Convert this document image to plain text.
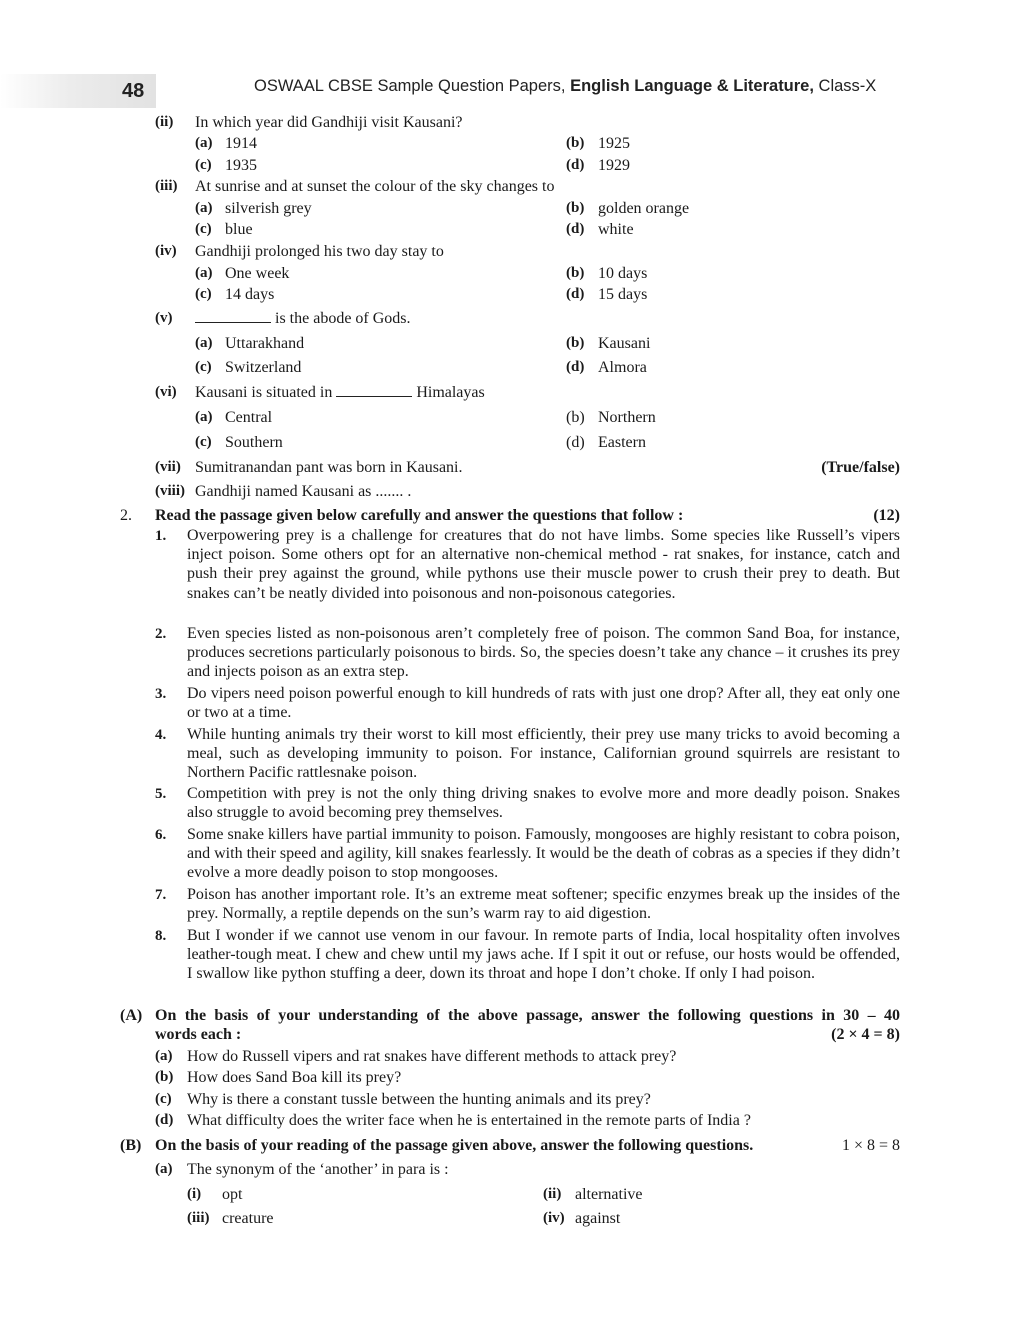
48	OSWAAL CBSE Sample Question Papers, English Language & Literature, Class-X
(ii) In which year did Gandhiji visit Kausani?
(a) 1914	(b) 1925
(c) 1935	(d) 1929
(iii) At sunrise and at sunset the colour of the sky changes to
(a) silverish grey	(b) golden orange
(c) blue	(d) white
(iv) Gandhiji prolonged his two day stay to
(a) One week	(b) 10 days
(c) 14 days	(d) 15 days
(v)	is the abode of Gods.
(a) Uttarakhand	(b) Kausani
(c) Switzerland	(d) Almora
(vi) Kausani is situated in	Himalayas
(a) Central	(b) Northern
(c) Southern	(d) Eastern
(vii) Sumitranandan pant was born in Kausani.	(True/false)
(viii) Gandhiji named Kausani as ....... .
2. Read the passage given below carefully and answer the questions that follow :	(12)
1. Overpowering prey is a challenge for creatures that do not have limbs. Some species like Russell’s vipers inject poison. Some others opt for an alternative non-chemical method - rat snakes, for instance, catch and push their prey against the ground, while pythons use their muscle power to crush their prey to death. But snakes can’t be neatly divided into poisonous and non-poisonous categories.
2. Even species listed as non-poisonous aren’t completely free of poison. The common Sand Boa, for instance, produces secretions particularly poisonous to birds. So, the species doesn’t take any chance – it crushes its prey and injects poison as an extra step.
3. Do vipers need poison powerful enough to kill hundreds of rats with just one drop? After all, they eat only one or two at a time.
4. While hunting animals try their worst to kill most efficiently, their prey use many tricks to avoid becoming a meal, such as developing immunity to poison. For instance, Californian ground squirrels are resistant to Northern Pacific rattlesnake poison.
5. Competition with prey is not the only thing driving snakes to evolve more and more deadly poison. Snakes also struggle to avoid becoming prey themselves.
6. Some snake killers have partial immunity to poison. Famously, mongooses are highly resistant to cobra poison, and with their speed and agility, kill snakes fearlessly. It would be the death of cobras as a species if they didn’t evolve a more deadly poison to stop mongooses.
7. Poison has another important role. It’s an extreme meat softener; specific enzymes break up the insides of the prey. Normally, a reptile depends on the sun’s warm ray to aid digestion.
8. But I wonder if we cannot use venom in our favour. In remote parts of India, local hospitality often involves leather-tough meat. I chew and chew until my jaws ache. If I spit it out or refuse, our hosts would be offended, I swallow like python stuffing a deer, down its throat and hope I don’t choke. If only I had poison.
(A) On the basis of your understanding of the above passage, answer the following questions in 30 – 40
words each :	(2 × 4 = 8)
(a) How do Russell vipers and rat snakes have different methods to attack prey?
(b) How does Sand Boa kill its prey?
(c) Why is there a constant tussle between the hunting animals and its prey?
(d) What difficulty does the writer face when he is entertained in the remote parts of India ?
(B) On the basis of your reading of the passage given above, answer the following questions.	1 × 8 = 8
(a) The synonym of the ‘another’ in para is :
(i) opt	(ii) alternative
(iii) creature	(iv) against
